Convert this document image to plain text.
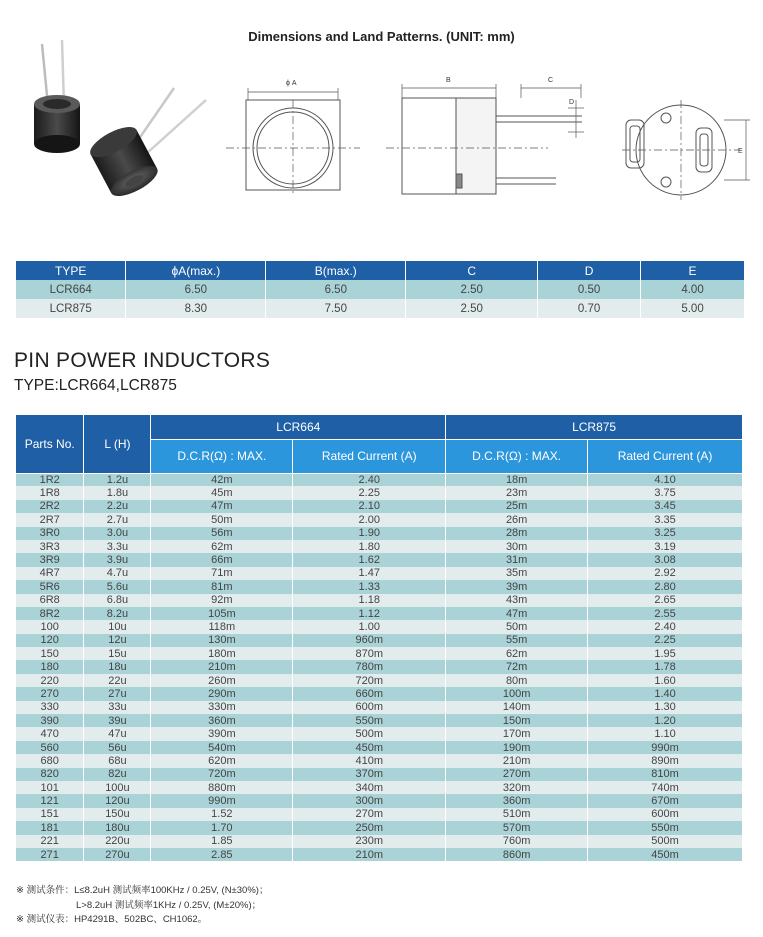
Dimensions and Land Patterns. (UNIT: mm)
ϕ A	B	C
D
E
TYPE	ϕA(max.)	B(max.)	C	D	E
LCR664	6.50	6.50	2.50	0.50	4.00
LCR875	8.30	7.50	2.50	0.70	5.00
PIN POWER INDUCTORS
TYPE:LCR664,LCR875
Parts No.	L (H)	LCR664		LCR875	
		D.C.R(Ω) : MAX.	Rated Current (A)	D.C.R(Ω) : MAX.	Rated Current (A)
1R2	1.2u	42m	2.40	18m	4.10
1R8	1.8u	45m	2.25	23m	3.75
2R2	2.2u	47m	2.10	25m	3.45
2R7	2.7u	50m	2.00	26m	3.35
3R0	3.0u	56m	1.90	28m	3.25
3R3	3.3u	62m	1.80	30m	3.19
3R9	3.9u	66m	1.62	31m	3.08
4R7	4.7u	71m	1.47	35m	2.92
5R6	5.6u	81m	1.33	39m	2.80
6R8	6.8u	92m	1.18	43m	2.65
8R2	8.2u	105m	1.12	47m	2.55
100	10u	118m	1.00	50m	2.40
120	12u	130m	960m	55m	2.25
150	15u	180m	870m	62m	1.95
180	18u	210m	780m	72m	1.78
220	22u	260m	720m	80m	1.60
270	27u	290m	660m	100m	1.40
330	33u	330m	600m	140m	1.30
390	39u	360m	550m	150m	1.20
470	47u	390m	500m	170m	1.10
560	56u	540m	450m	190m	990m
680	68u	620m	410m	210m	890m
820	82u	720m	370m	270m	810m
101	100u	880m	340m	320m	740m
121	120u	990m	300m	360m	670m
151	150u	1.52	270m	510m	600m
181	180u	1.70	250m	570m	550m
221	220u	1.85	230m	760m	500m
271	270u	2.85	210m	860m	450m
※ 测试条件：L≤8.2uH 测试频率100KHz / 0.25V, (N±30%)；
L>8.2uH 测试频率1KHz / 0.25V, (M±20%)；
※ 测试仪表：HP4291B、502BC、CH1062。
